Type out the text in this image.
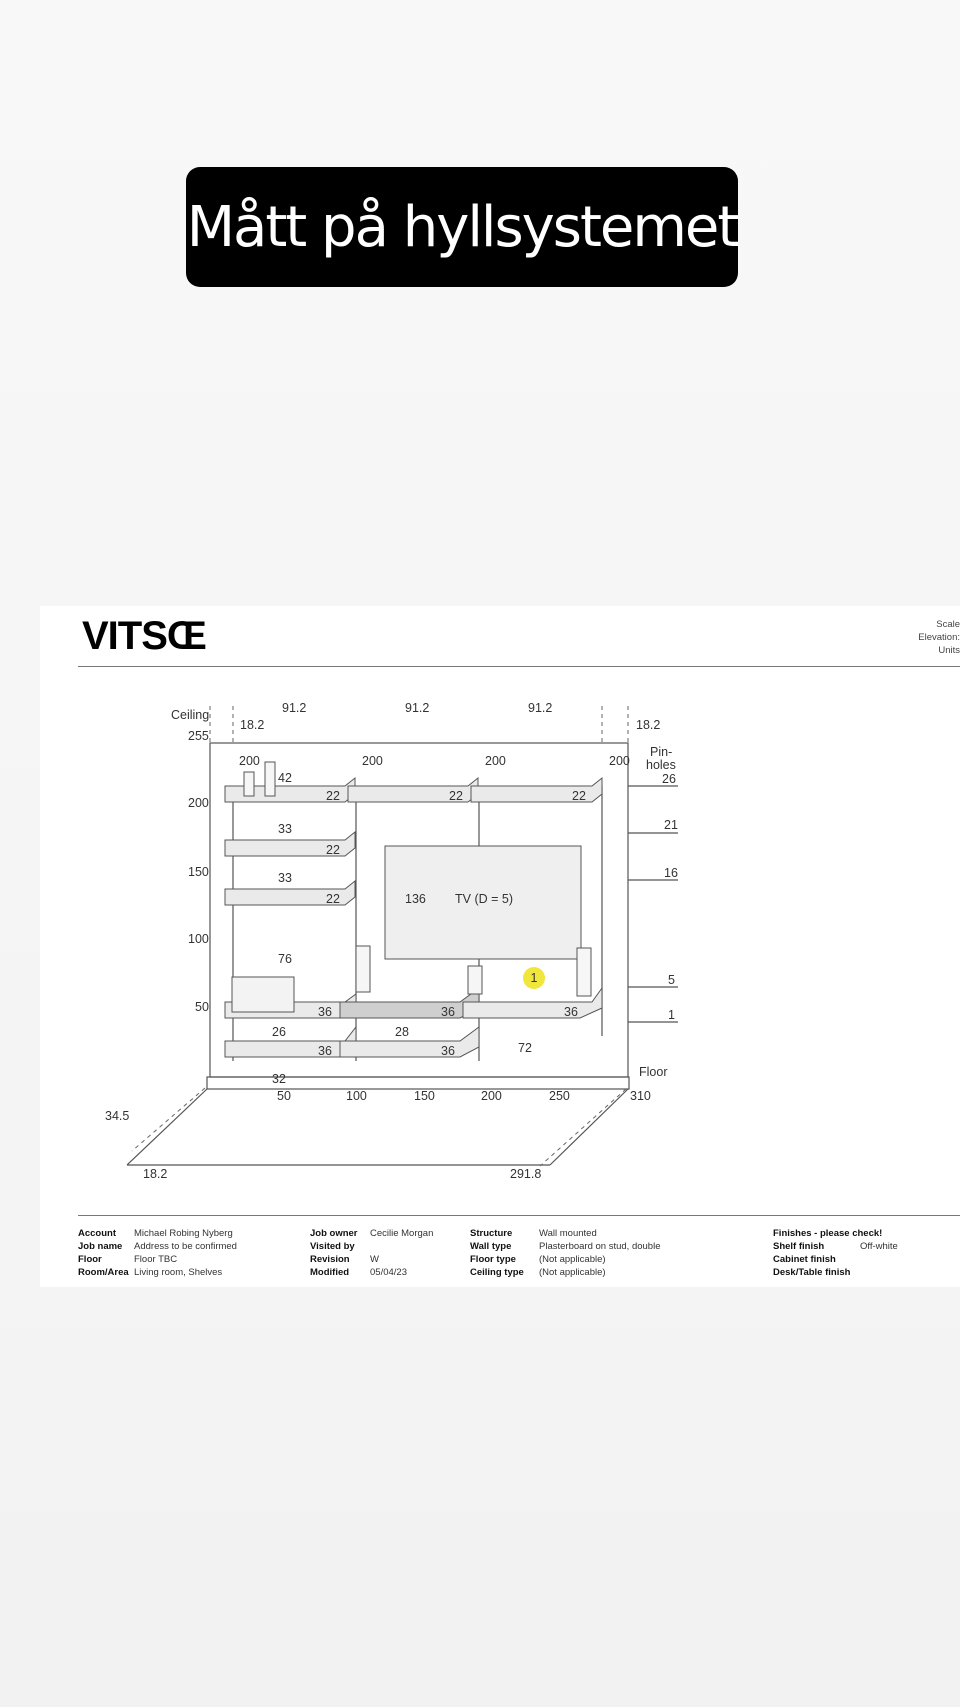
Mått på hyllsystemet
VITSŒ	Scale
Elevation:
Units
1
Ceiling
Floor
Pin-
holes
TV (D = 5)
136
18.2
91.2	91.2	91.2
18.2
255
200
150
100
50
26
21
16
5
1
200	200	200	200
42
33
33
76
26	28
32
72
22	22	22
22
22
36	36	36
36	36
50	100	150	200	250	310
34.5
18.2	291.8
Account	Michael Robing Nyberg
Job name	Address to be confirmed
Floor	Floor TBC
Room/Area Living room, Shelves
Job owner	Cecilie Morgan
Visited by
Revision	W
Modified	05/04/23
Structure	Wall mounted
Wall type	Plasterboard on stud, double
Floor type	(Not applicable)
Ceiling type	(Not applicable)
Finishes - please check!
Shelf finish	Off-white
Cabinet finish
Desk/Table finish
